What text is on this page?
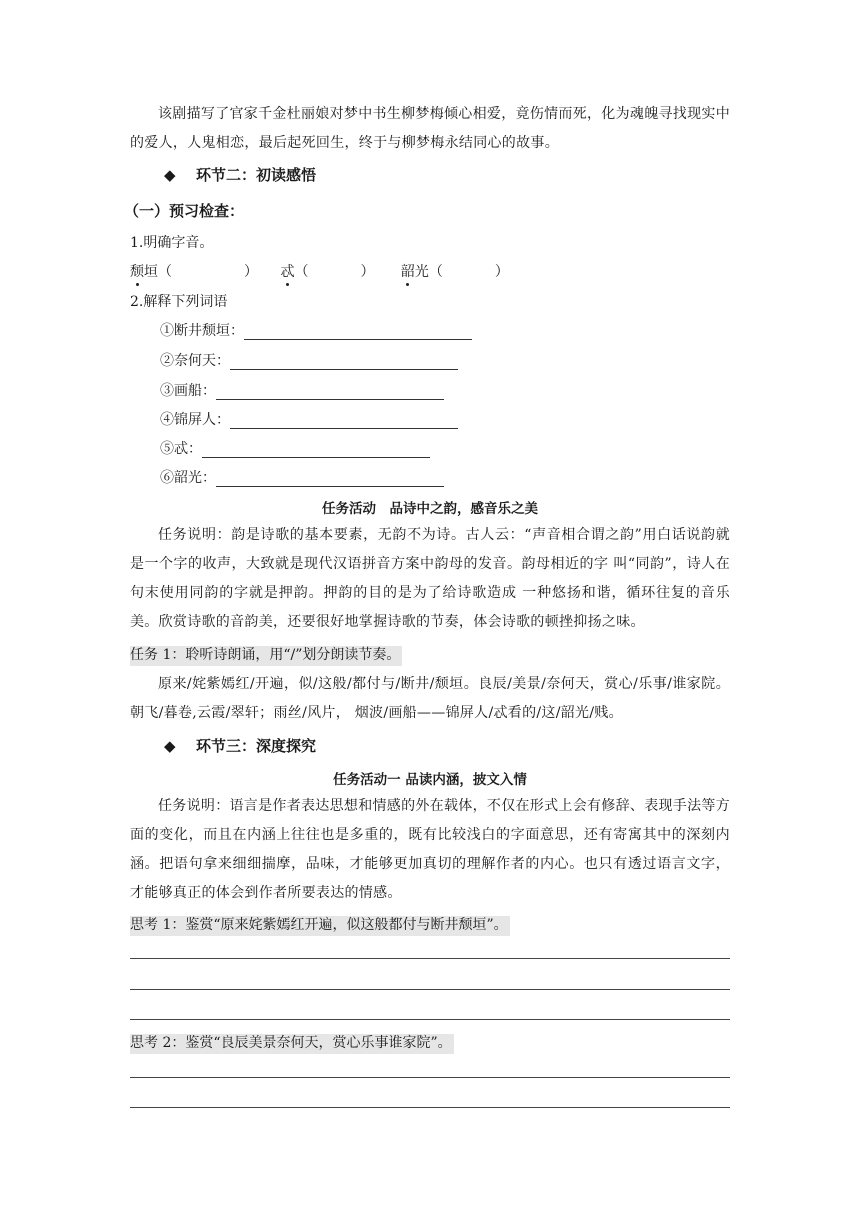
该剧描写了官家千金杜丽娘对梦中书生柳梦梅倾心相爱，竟伤情而死，化为魂魄寻找现实中的爱人，人鬼相恋，最后起死回生，终于与柳梦梅永结同心的故事。

◆ 环节二：初读感悟
（一）预习检查：
1.明确字音。
颓垣（	） 忒（	） 韶光（	）
2.解释下列词语
①断井颓垣：
②奈何天：
③画船：
④锦屏人：
⑤忒：
⑥韶光：
任务活动　品诗中之韵，感音乐之美

任务说明：韵是诗歌的基本要素，无韵不为诗。古人云：“声音相合谓之韵”用白话说韵就是一个字的收声，大致就是现代汉语拼音方案中韵母的发音。韵母相近的字 叫“同韵”，诗人在句末使用同韵的字就是押韵。押韵的目的是为了给诗歌造成 一种悠扬和谐，循环往复的音乐美。欣赏诗歌的音韵美，还要很好地掌握诗歌的节奏，体会诗歌的顿挫抑扬之味。

任务 1：聆听诗朗诵，用“/”划分朗读节奏。

原来/姹紫嫣红/开遍，似/这般/都付与/断井/颓垣。良辰/美景/奈何天，赏心/乐事/谁家院。朝飞/暮卷,云霞/翠轩；雨丝/风片， 烟波/画船——锦屏人/忒看的/这/韶光/贱。

◆ 环节三：深度探究
任务活动一 品读内涵，披文入情

任务说明：语言是作者表达思想和情感的外在载体，不仅在形式上会有修辞、表现手法等方面的变化，而且在内涵上往往也是多重的，既有比较浅白的字面意思，还有寄寓其中的深刻内涵。把语句拿来细细揣摩，品味，才能够更加真切的理解作者的内心。也只有透过语言文字，才能够真正的体会到作者所要表达的情感。

思考 1：鉴赏“原来姹紫嫣红开遍，似这般都付与断井颓垣”。
思考 2：鉴赏“良辰美景奈何天，赏心乐事谁家院”。
